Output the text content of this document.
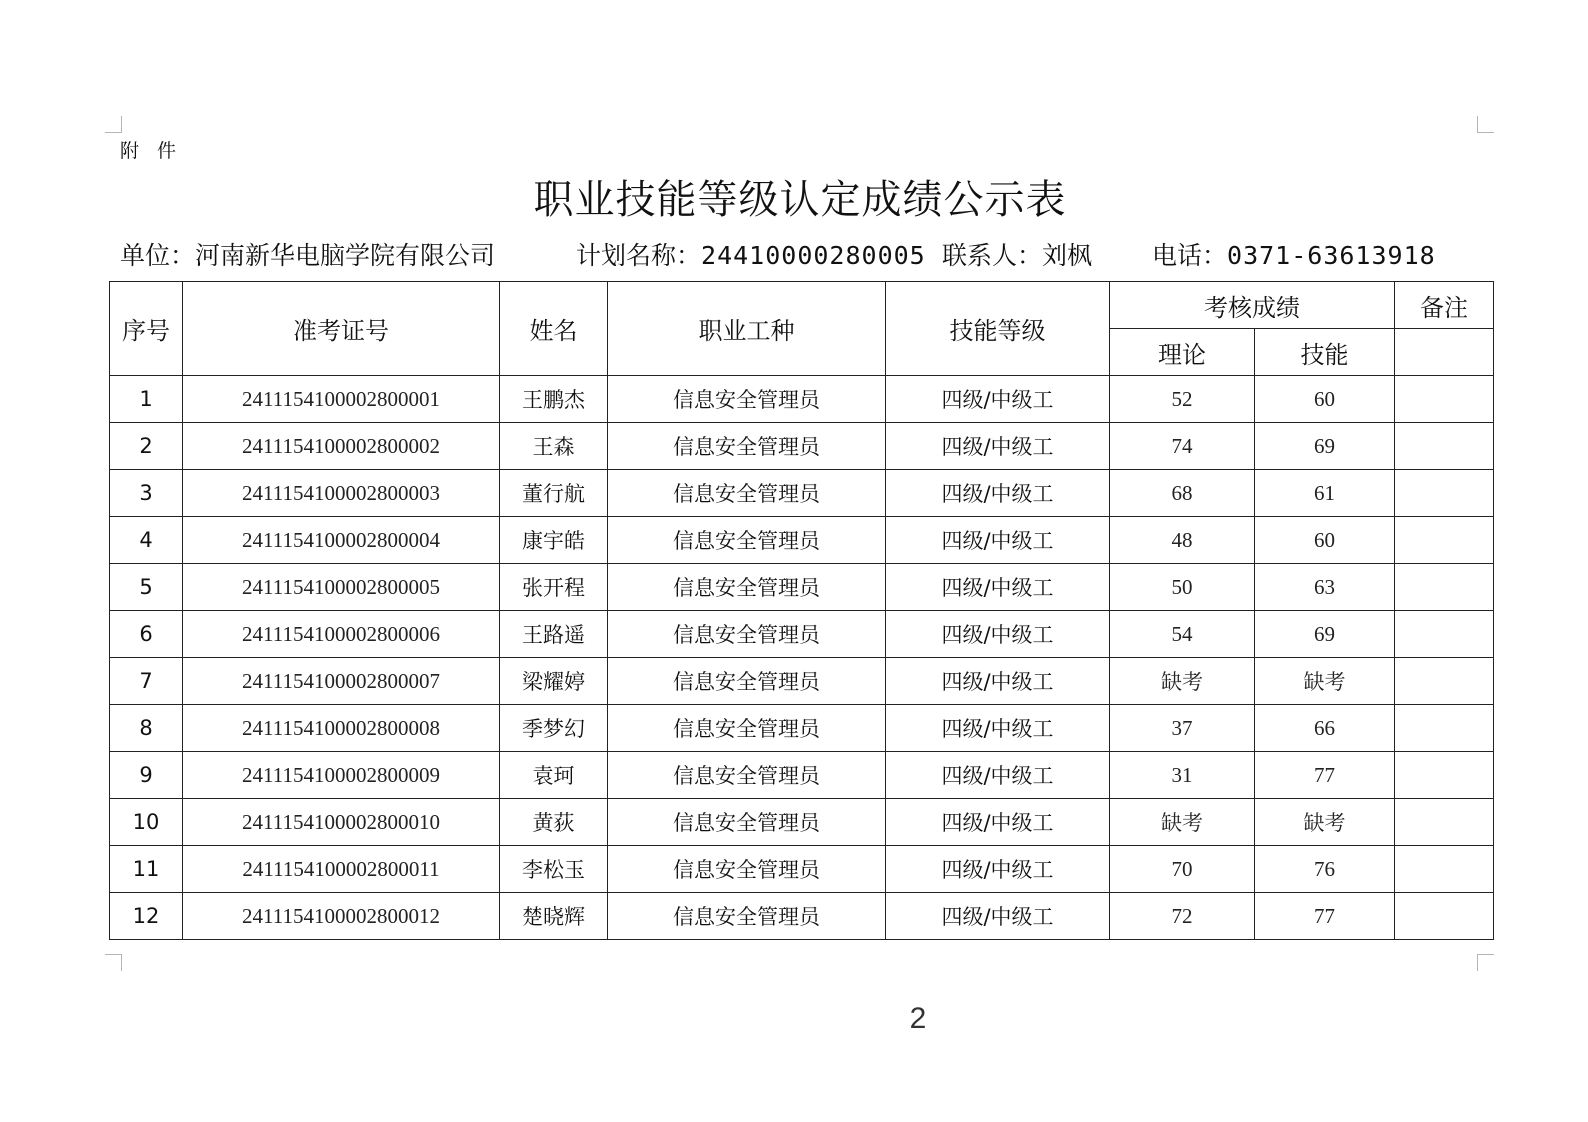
附 件
职业技能等级认定成绩公示表
单位：河南新华电脑学院有限公司	计划名称：24410000280005 联系人：刘枫 电话：0371-63613918
序号	准考证号	姓名	职业工种	技能等级	考核成绩		备注
					理论	技能	
1	2411154100002800001	王鹏杰	信息安全管理员	四级/中级工	52	60	
2	2411154100002800002	王森	信息安全管理员	四级/中级工	74	69	
3	2411154100002800003	董行航	信息安全管理员	四级/中级工	68	61	
4	2411154100002800004	康宇皓	信息安全管理员	四级/中级工	48	60	
5	2411154100002800005	张开程	信息安全管理员	四级/中级工	50	63	
6	2411154100002800006	王路遥	信息安全管理员	四级/中级工	54	69	
7	2411154100002800007	梁耀婷	信息安全管理员	四级/中级工	缺考	缺考	
8	2411154100002800008	季梦幻	信息安全管理员	四级/中级工	37	66	
9	2411154100002800009	袁珂	信息安全管理员	四级/中级工	31	77	
10	2411154100002800010	黄荻	信息安全管理员	四级/中级工	缺考	缺考	
11	2411154100002800011	李松玉	信息安全管理员	四级/中级工	70	76	
12	2411154100002800012	楚晓辉	信息安全管理员	四级/中级工	72	77	
2
